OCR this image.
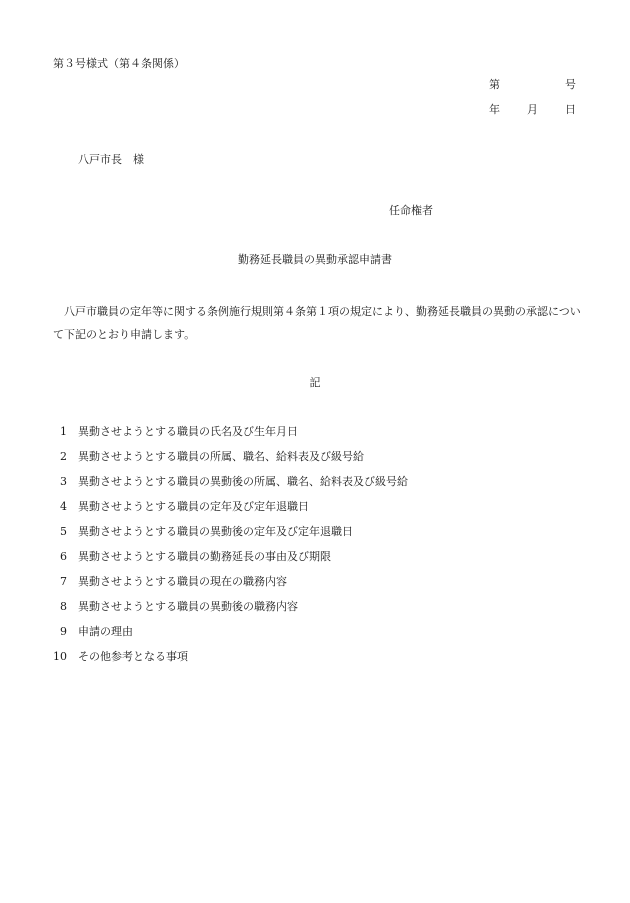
第３号様式（第４条関係）
第	号
年 月 日
八戸市長　様
任命権者
勤務延長職員の異動承認申請書
八戸市職員の定年等に関する条例施行規則第４条第１項の規定により、勤務延長職員の異動の承認について下記のとおり申請します。
記
1 異動させようとする職員の氏名及び生年月日
2 異動させようとする職員の所属、職名、給料表及び級号給
3 異動させようとする職員の異動後の所属、職名、給料表及び級号給
4 異動させようとする職員の定年及び定年退職日
5 異動させようとする職員の異動後の定年及び定年退職日
6 異動させようとする職員の勤務延長の事由及び期限
7 異動させようとする職員の現在の職務内容
8 異動させようとする職員の異動後の職務内容
9 申請の理由
10 その他参考となる事項
